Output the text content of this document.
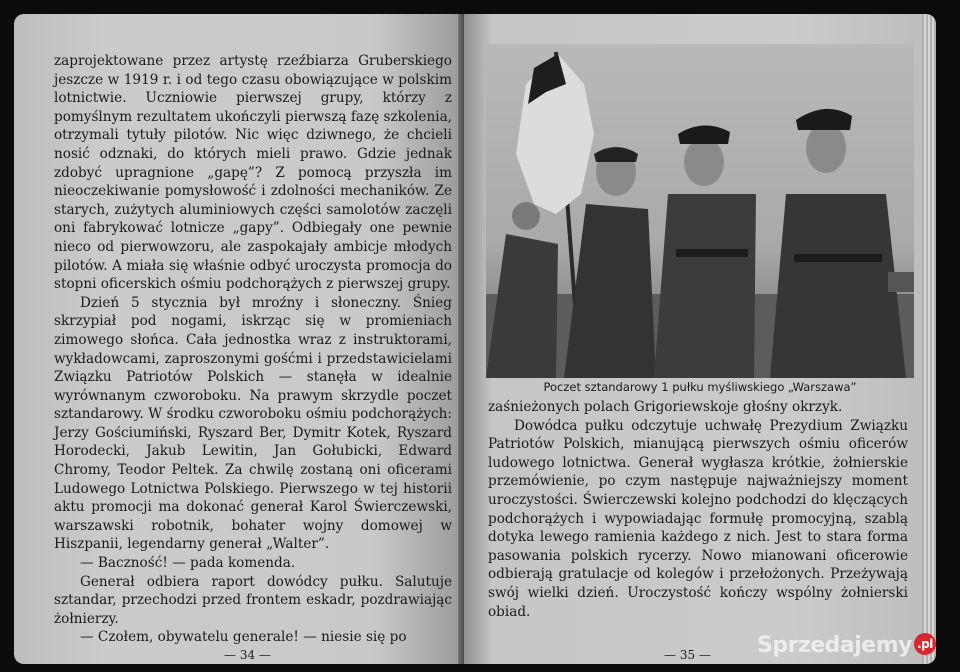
zaprojektowane przez artystę rzeźbiarza Gruberskiego jeszcze w 1919 r. i od tego czasu obowiązujące w polskim lotnictwie. Uczniowie pierwszej grupy, którzy z pomyślnym rezultatem ukończyli pierwszą fazę szkolenia, otrzymali tytuły pilotów. Nic więc dziwnego, że chcieli nosić odznaki, do których mieli prawo. Gdzie jednak zdobyć upragnione „gapę”? Z pomocą przyszła im nieoczekiwanie pomysłowość i zdolności mechaników. Ze starych, zużytych aluminiowych części samolotów zaczęli oni fabrykować lotnicze „gapy”. Odbiegały one pewnie nieco od pierwowzoru, ale zaspokajały ambicje młodych pilotów. A miała się właśnie odbyć uroczysta promocja do stopni oficerskich ośmiu podchorążych z pierwszej grupy.

Dzień 5 stycznia był mroźny i słoneczny. Śnieg skrzypiał pod nogami, iskrząc się w promieniach zimowego słońca. Cała jednostka wraz z instruktorami, wykładowcami, zaproszonymi gośćmi i przedstawicielami Związku Patriotów Polskich — stanęła w idealnie wyrównanym czworoboku. Na prawym skrzydle poczet sztandarowy. W środku czworoboku ośmiu podchorążych: Jerzy Gościumiński, Ryszard Ber, Dymitr Kotek, Ryszard Horodecki, Jakub Lewitin, Jan Gołubicki, Edward Chromy, Teodor Peltek. Za chwilę zostaną oni oficerami Ludowego Lotnictwa Polskiego. Pierwszego w tej historii aktu promocji ma dokonać generał Karol Świerczewski, warszawski robotnik, bohater wojny domowej w Hiszpanii, legendarny generał „Walter”.

— Baczność! — pada komenda.

Generał odbiera raport dowódcy pułku. Salutuje sztandar, przechodzi przed frontem eskadr, pozdrawiając żołnierzy.

— Czołem, obywatelu generale! — niesie się po

— 34 —
Poczet sztandarowy 1 pułku myśliwskiego „Warszawa”

zaśnieżonych polach Grigoriewskoje głośny okrzyk.

Dowódca pułku odczytuje uchwałę Prezydium Związku Patriotów Polskich, mianującą pierwszych ośmiu oficerów ludowego lotnictwa. Generał wygłasza krótkie, żołnierskie przemówienie, po czym następuje najważniejszy moment uroczystości. Świerczewski kolejno podchodzi do klęczących podchorążych i wypowiadając formułę promocyjną, szablą dotyka lewego ramienia każdego z nich. Jest to stara forma pasowania polskich rycerzy. Nowo mianowani oficerowie odbierają gratulacje od kolegów i przełożonych. Przeżywają swój wielki dzień. Uroczystość kończy wspólny żołnierski obiad.

— 35 — Sprzedajemy .pl
